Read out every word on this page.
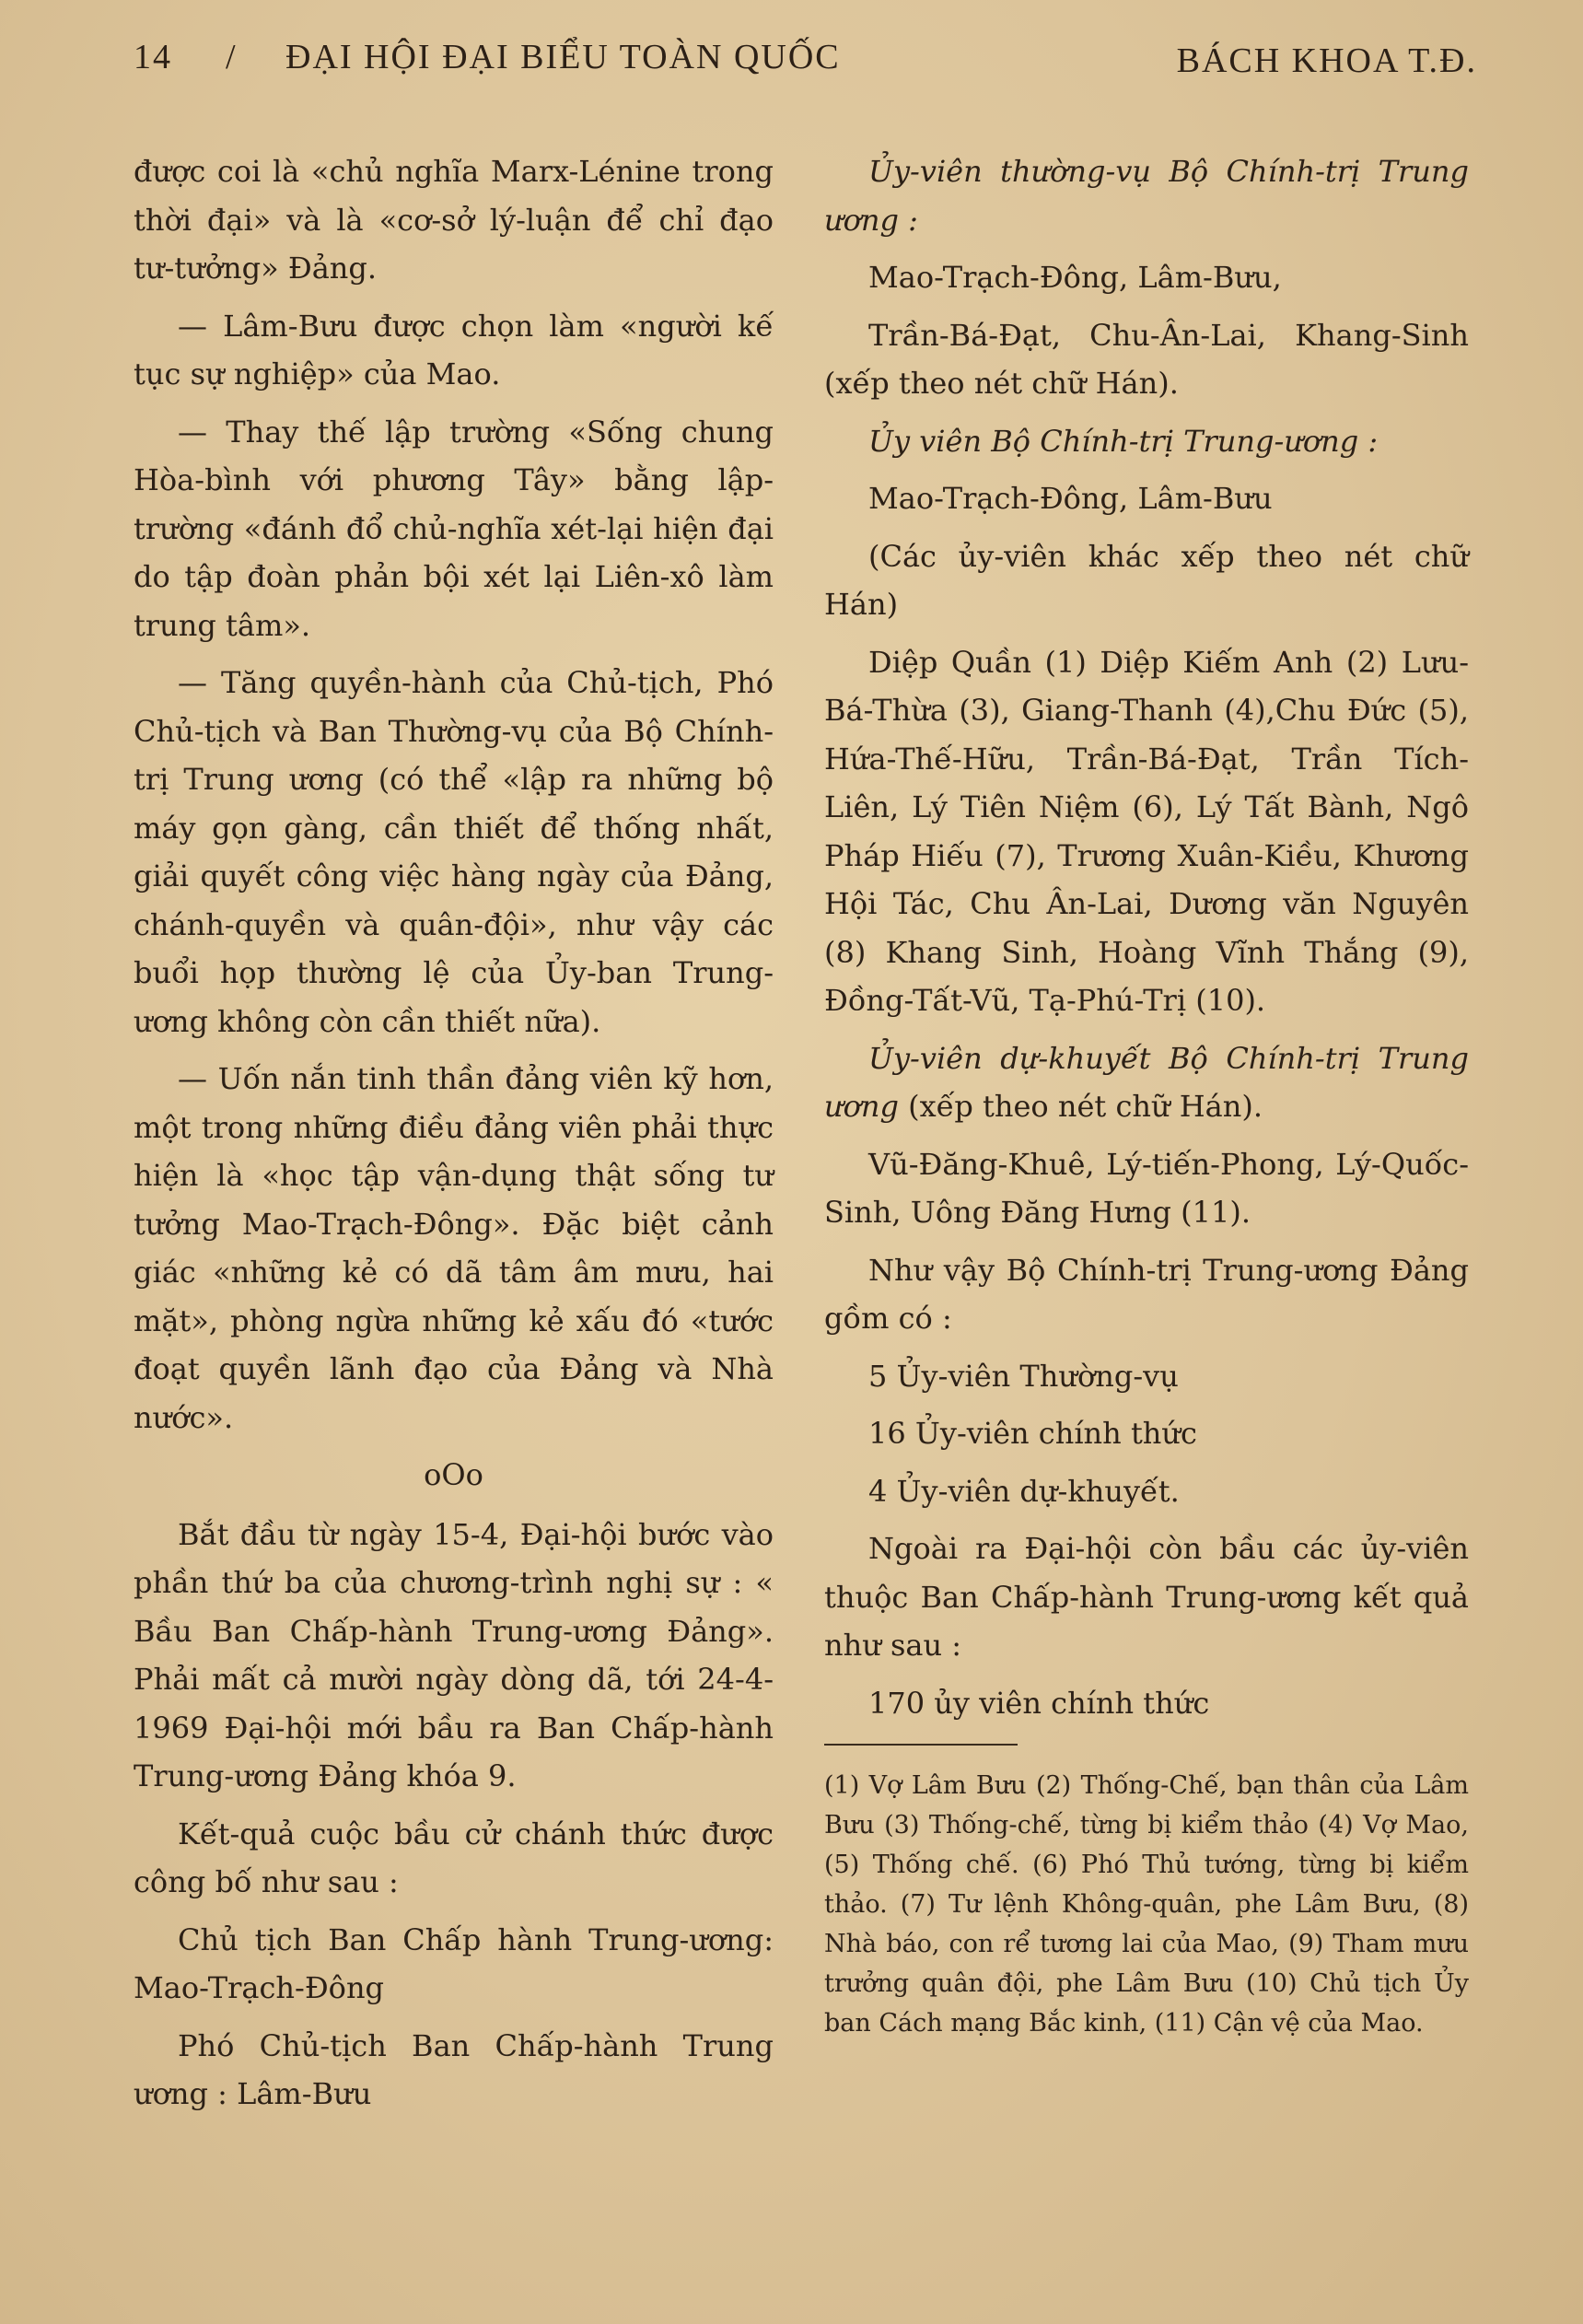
14 / ĐẠI HỘI ĐẠI BIỂU TOÀN QUỐC	BÁCH KHOA T.Đ.

được coi là «chủ nghĩa Marx-Lénine trong thời đại» và là «cơ-sở lý-luận để chỉ đạo tư-tưởng» Đảng.

— Lâm-Bưu được chọn làm «người kế tục sự nghiệp» của Mao.

— Thay thế lập trường «Sống chung Hòa-bình với phương Tây» bằng lập-trường «đánh đổ chủ-nghĩa xét-lại hiện đại do tập đoàn phản bội xét lại Liên-xô làm trung tâm».

— Tăng quyền-hành của Chủ-tịch, Phó Chủ-tịch và Ban Thường-vụ của Bộ Chính-trị Trung ương (có thể «lập ra những bộ máy gọn gàng, cần thiết để thống nhất, giải quyết công việc hàng ngày của Đảng, chánh-quyền và quân-đội», như vậy các buổi họp thường lệ của Ủy-ban Trung-ương không còn cần thiết nữa).

— Uốn nắn tinh thần đảng viên kỹ hơn, một trong những điều đảng viên phải thực hiện là «học tập vận-dụng thật sống tư tưởng Mao-Trạch-Đông». Đặc biệt cảnh giác «những kẻ có dã tâm âm mưu, hai mặt», phòng ngừa những kẻ xấu đó «tước đoạt quyền lãnh đạo của Đảng và Nhà nước».

oOo

Bắt đầu từ ngày 15-4, Đại-hội bước vào phần thứ ba của chương-trình nghị sự : « Bầu Ban Chấp-hành Trung-ương Đảng». Phải mất cả mười ngày dòng dã, tới 24-4-1969 Đại-hội mới bầu ra Ban Chấp-hành Trung-ương Đảng khóa 9.

Kết-quả cuộc bầu cử chánh thức được công bố như sau :

Chủ tịch Ban Chấp hành Trung-ương: Mao-Trạch-Đông

Phó Chủ-tịch Ban Chấp-hành Trung ương : Lâm-Bưu

Ủy-viên thường-vụ Bộ Chính-trị Trung ương :

Mao-Trạch-Đông, Lâm-Bưu,

Trần-Bá-Đạt, Chu-Ân-Lai, Khang-Sinh (xếp theo nét chữ Hán).

Ủy viên Bộ Chính-trị Trung-ương :

Mao-Trạch-Đông, Lâm-Bưu

(Các ủy-viên khác xếp theo nét chữ Hán)

Diệp Quần (1) Diệp Kiếm Anh (2) Lưu-Bá-Thừa (3), Giang-Thanh (4),Chu Đức (5), Hứa-Thế-Hữu, Trần-Bá-Đạt, Trần Tích-Liên, Lý Tiên Niệm (6), Lý Tất Bành, Ngô Pháp Hiếu (7), Trương Xuân-Kiều, Khương Hội Tác, Chu Ân-Lai, Dương văn Nguyên (8) Khang Sinh, Hoàng Vĩnh Thắng (9), Đồng-Tất-Vũ, Tạ-Phú-Trị (10).

Ủy-viên dự-khuyết Bộ Chính-trị Trung ương (xếp theo nét chữ Hán).

Vũ-Đăng-Khuê, Lý-tiến-Phong, Lý-Quốc-Sinh, Uông Đăng Hưng (11).

Như vậy Bộ Chính-trị Trung-ương Đảng gồm có :

5 Ủy-viên Thường-vụ

16 Ủy-viên chính thức

4 Ủy-viên dự-khuyết.

Ngoài ra Đại-hội còn bầu các ủy-viên thuộc Ban Chấp-hành Trung-ương kết quả như sau :

170 ủy viên chính thức

(1) Vợ Lâm Bưu (2) Thống-Chế, bạn thân của Lâm Bưu (3) Thống-chế, từng bị kiểm thảo (4) Vợ Mao, (5) Thống chế. (6) Phó Thủ tướng, từng bị kiểm thảo. (7) Tư lệnh Không-quân, phe Lâm Bưu, (8) Nhà báo, con rể tương lai của Mao, (9) Tham mưu trưởng quân đội, phe Lâm Bưu (10) Chủ tịch Ủy ban Cách mạng Bắc kinh, (11) Cận vệ của Mao.
